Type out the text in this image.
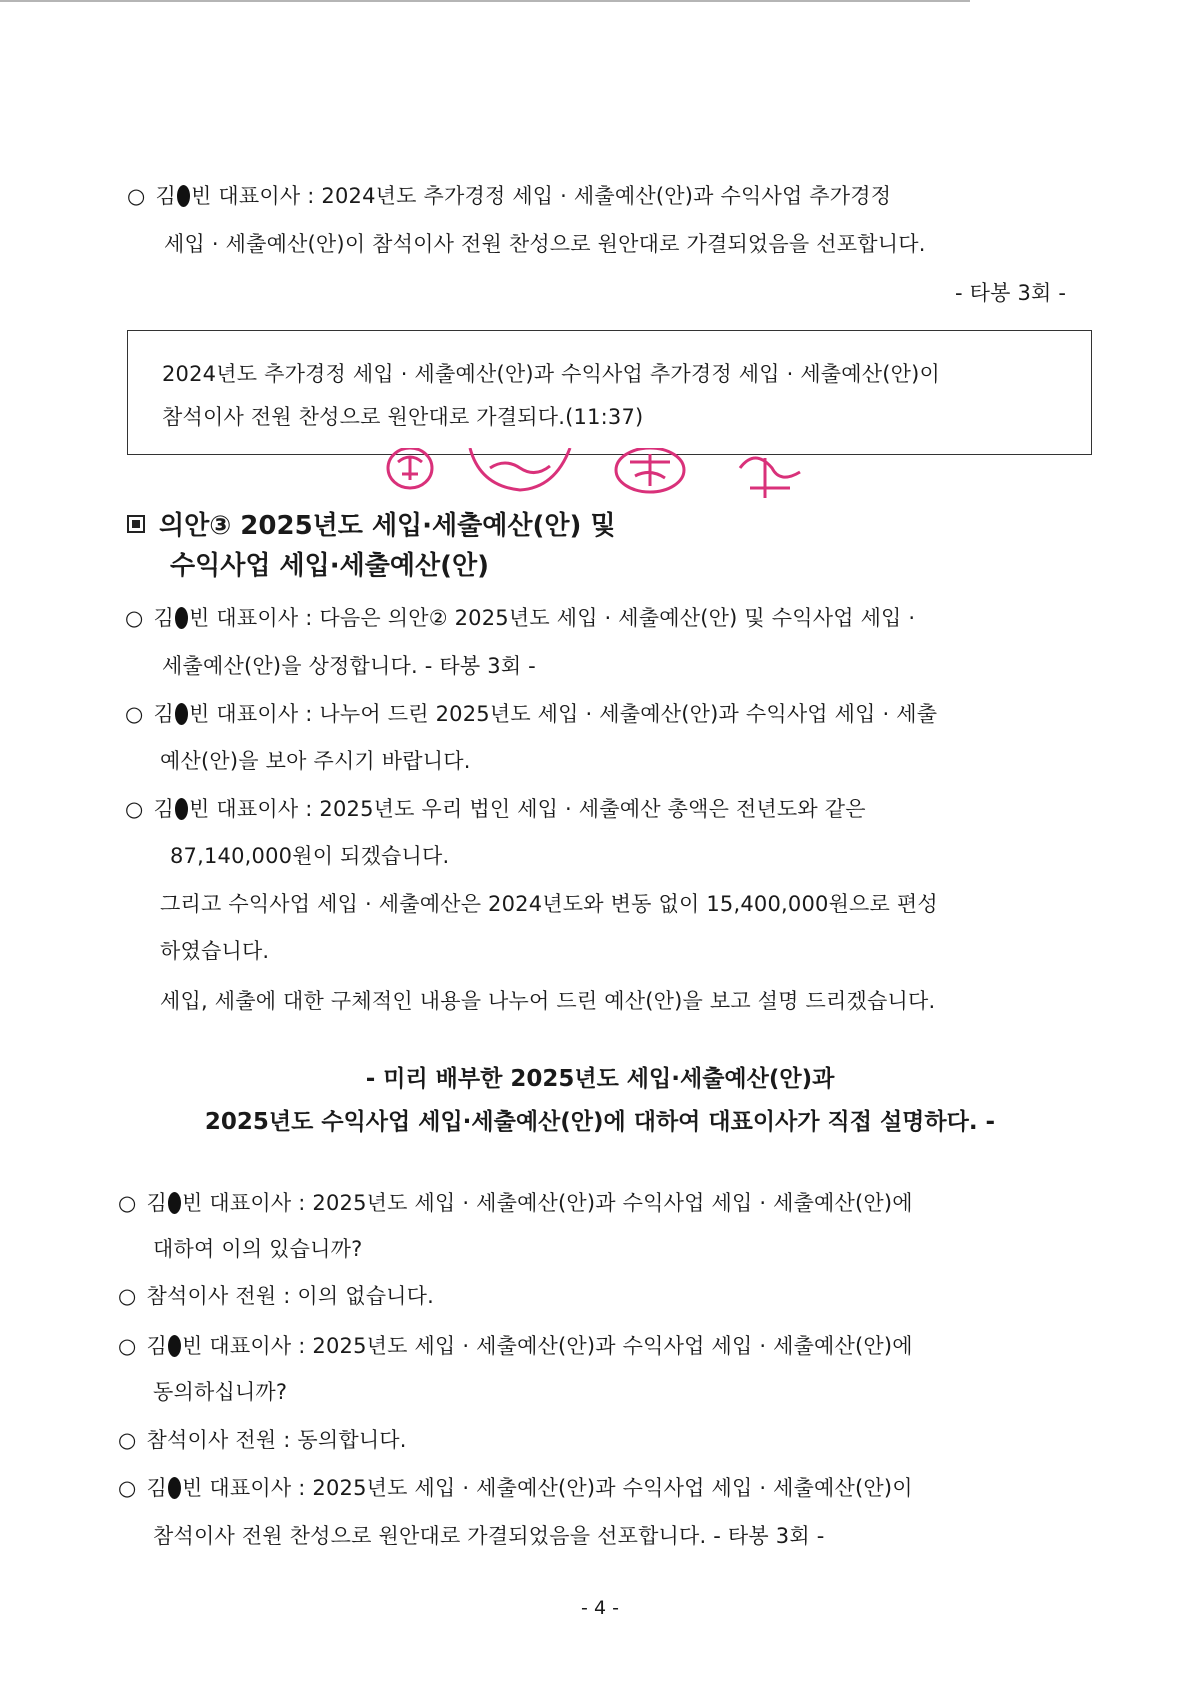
○ 김 빈 대표이사 : 2024년도 추가경정 세입 · 세출예산(안)과 수익사업 추가경정
세입 · 세출예산(안)이 참석이사 전원 찬성으로 원안대로 가결되었음을 선포합니다.
- 타봉 3회 -
2024년도 추가경정 세입 · 세출예산(안)과 수익사업 추가경정 세입 · 세출예산(안)이
참석이사 전원 찬성으로 원안대로 가결되다.(11:37)
의안③ 2025년도 세입·세출예산(안) 및
수익사업 세입·세출예산(안)
○ 김 빈 대표이사 : 다음은 의안② 2025년도 세입 · 세출예산(안) 및 수익사업 세입 ·
세출예산(안)을 상정합니다. - 타봉 3회 -
○ 김 빈 대표이사 : 나누어 드린 2025년도 세입 · 세출예산(안)과 수익사업 세입 · 세출
예산(안)을 보아 주시기 바랍니다.
○ 김 빈 대표이사 : 2025년도 우리 법인 세입 · 세출예산 총액은 전년도와 같은
87,140,000원이 되겠습니다.
그리고 수익사업 세입 · 세출예산은 2024년도와 변동 없이 15,400,000원으로 편성
하였습니다.
세입, 세출에 대한 구체적인 내용을 나누어 드린 예산(안)을 보고 설명 드리겠습니다.
- 미리 배부한 2025년도 세입·세출예산(안)과
2025년도 수익사업 세입·세출예산(안)에 대하여 대표이사가 직접 설명하다. -
○ 김 빈 대표이사 : 2025년도 세입 · 세출예산(안)과 수익사업 세입 · 세출예산(안)에
대하여 이의 있습니까?
○ 참석이사 전원 : 이의 없습니다.
○ 김 빈 대표이사 : 2025년도 세입 · 세출예산(안)과 수익사업 세입 · 세출예산(안)에
동의하십니까?
○ 참석이사 전원 : 동의합니다.
○ 김 빈 대표이사 : 2025년도 세입 · 세출예산(안)과 수익사업 세입 · 세출예산(안)이
참석이사 전원 찬성으로 원안대로 가결되었음을 선포합니다. - 타봉 3회 -
- 4 -
